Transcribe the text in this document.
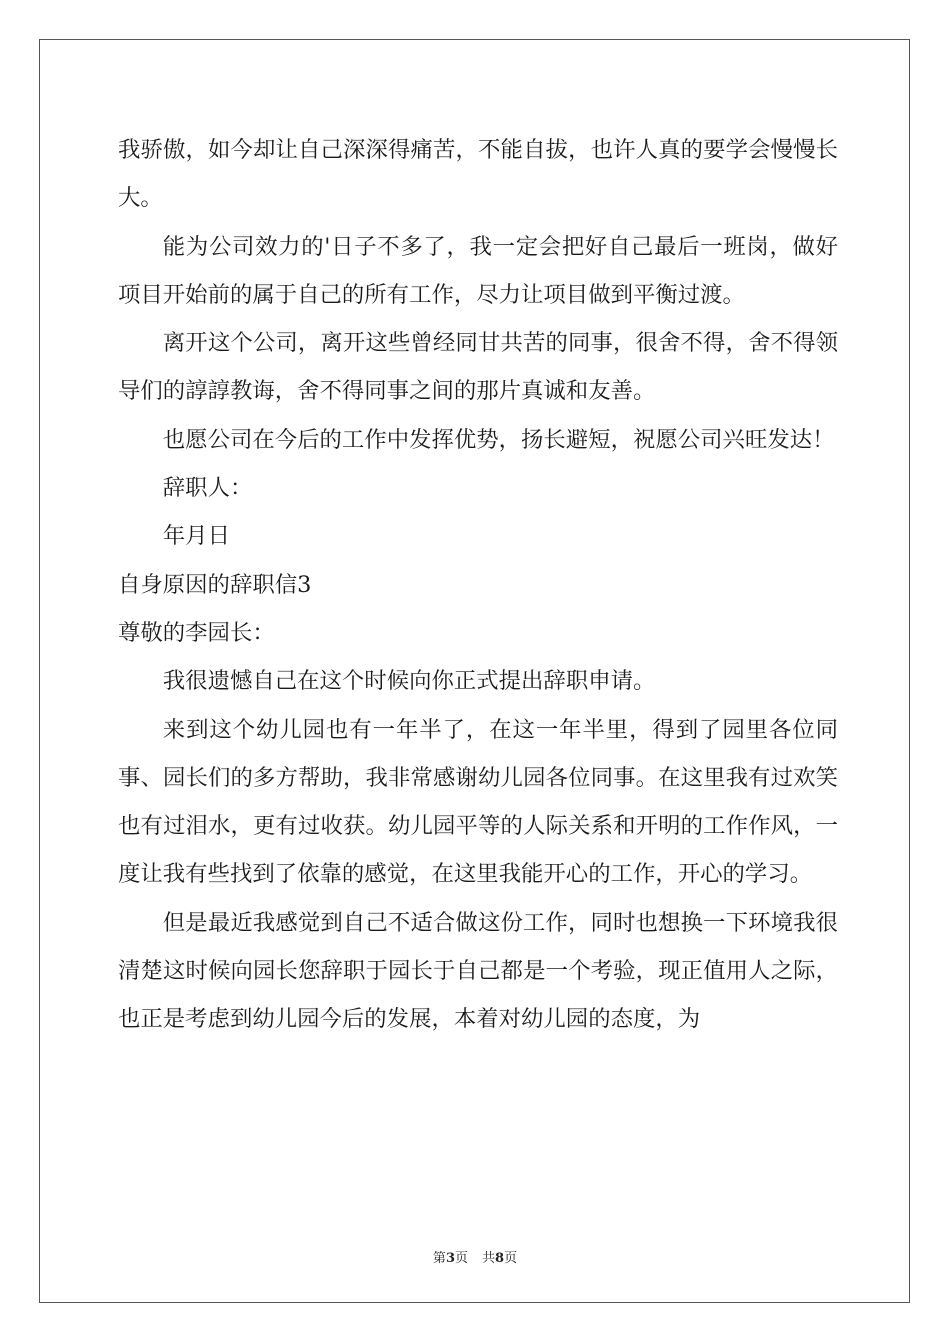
我骄傲，如今却让自己深深得痛苦，不能自拔，也许人真的要学会慢慢长大。

能为公司效力的'日子不多了，我一定会把好自己最后一班岗，做好项目开始前的属于自己的所有工作，尽力让项目做到平衡过渡。

离开这个公司，离开这些曾经同甘共苦的同事，很舍不得，舍不得领导们的諄諄教诲，舍不得同事之间的那片真诚和友善。

也愿公司在今后的工作中发挥优势，扬长避短，祝愿公司兴旺发达！

辞职人：

年月日

自身原因的辞职信3

尊敬的李园长：

我很遗憾自己在这个时候向你正式提出辞职申请。

来到这个幼儿园也有一年半了，在这一年半里，得到了园里各位同事、园长们的多方帮助，我非常感谢幼儿园各位同事。在这里我有过欢笑也有过泪水，更有过收获。幼儿园平等的人际关系和开明的工作作风，一度让我有些找到了依靠的感觉，在这里我能开心的工作，开心的学习。

但是最近我感觉到自己不适合做这份工作，同时也想换一下环境我很清楚这时候向园长您辞职于园长于自己都是一个考验，现正值用人之际，也正是考虑到幼儿园今后的发展，本着对幼儿园的态度，为

第3页 共8页
